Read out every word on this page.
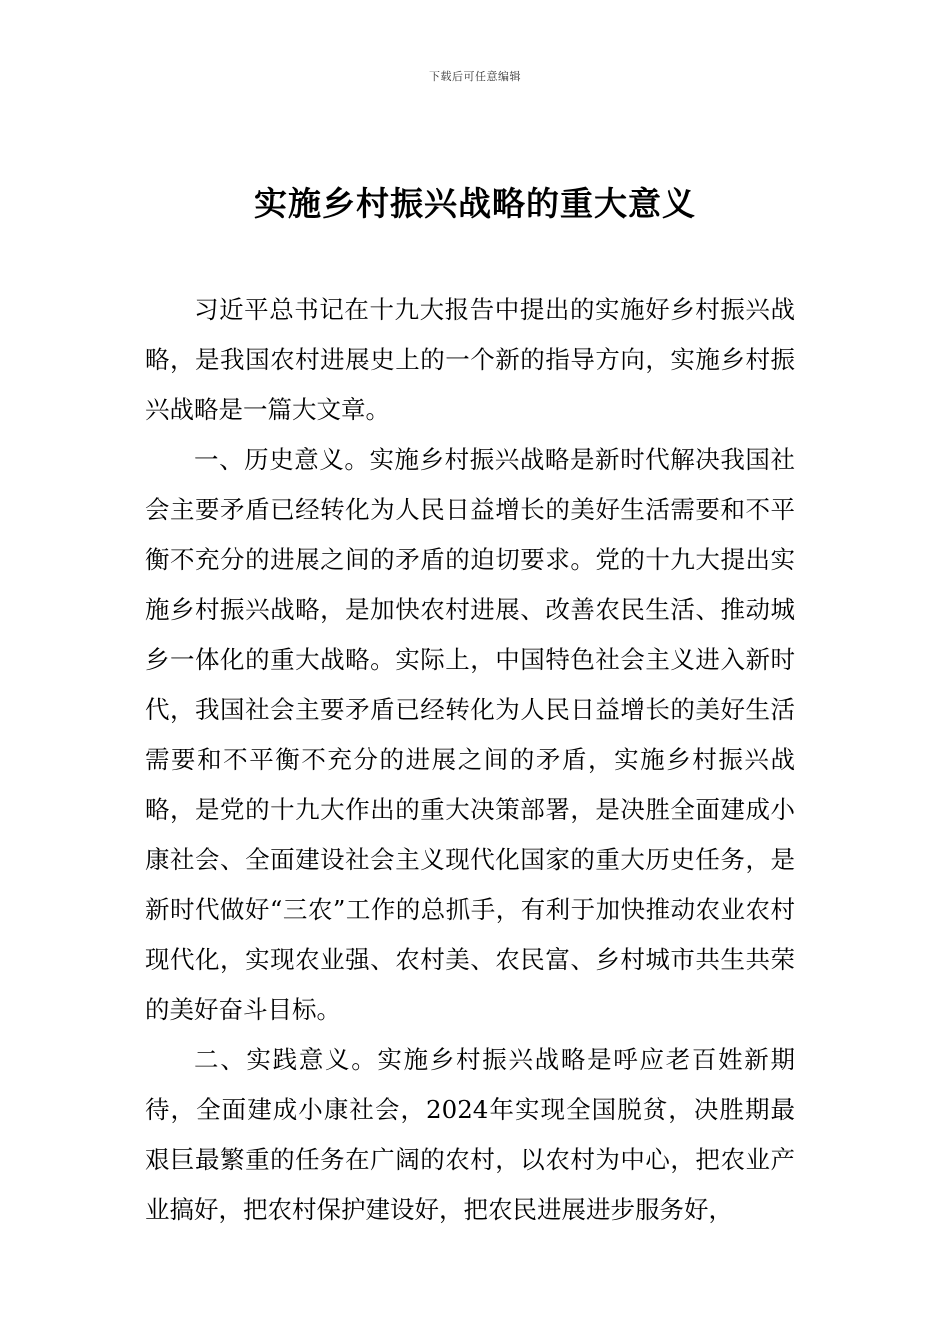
下载后可任意编辑
实施乡村振兴战略的重大意义

习近平总书记在十九大报告中提出的实施好乡村振兴战略，是我国农村进展史上的一个新的指导方向，实施乡村振兴战略是一篇大文章。

一、历史意义。实施乡村振兴战略是新时代解决我国社会主要矛盾已经转化为人民日益增长的美好生活需要和不平衡不充分的进展之间的矛盾的迫切要求。党的十九大提出实施乡村振兴战略，是加快农村进展、改善农民生活、推动城乡一体化的重大战略。实际上，中国特色社会主义进入新时代，我国社会主要矛盾已经转化为人民日益增长的美好生活需要和不平衡不充分的进展之间的矛盾，实施乡村振兴战略，是党的十九大作出的重大决策部署，是决胜全面建成小康社会、全面建设社会主义现代化国家的重大历史任务，是新时代做好“三农”工作的总抓手，有利于加快推动农业农村现代化，实现农业强、农村美、农民富、乡村城市共生共荣的美好奋斗目标。

二、实践意义。实施乡村振兴战略是呼应老百姓新期待，全面建成小康社会，2024年实现全国脱贫，决胜期最艰巨最繁重的任务在广阔的农村，以农村为中心，把农业产业搞好，把农村保护建设好，把农民进展进步服务好，
